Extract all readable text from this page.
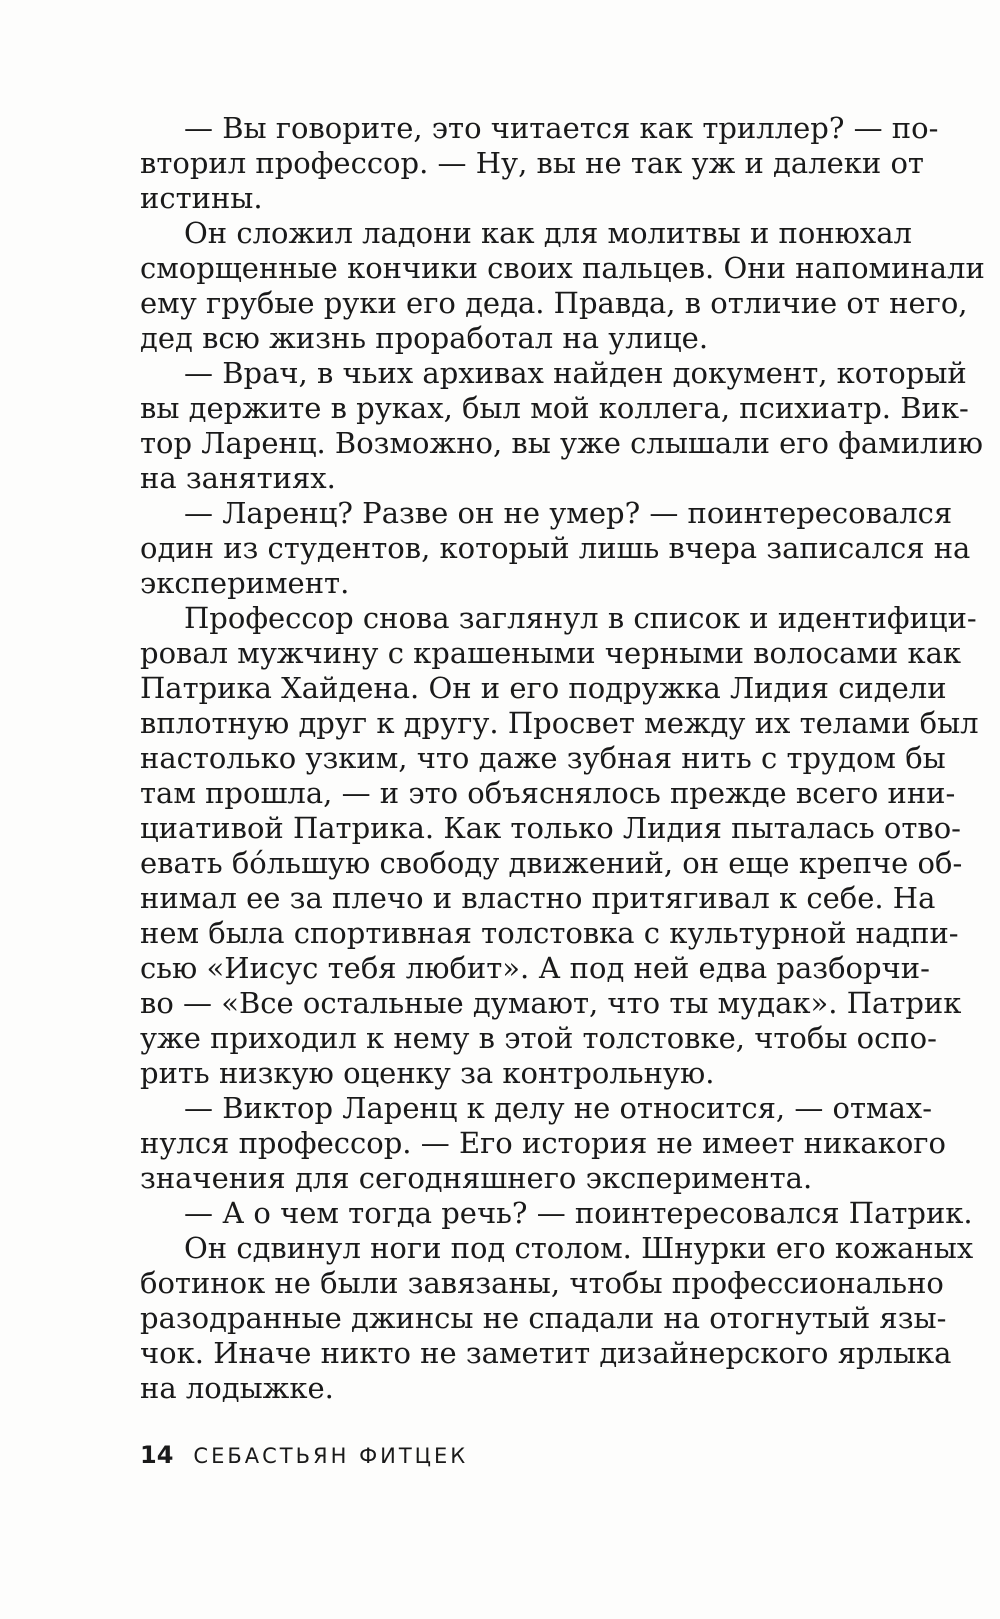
— Вы говорите, это читается как триллер? — по-
вторил профессор. — Ну, вы не так уж и далеки от
истины.
Он сложил ладони как для молитвы и понюхал
сморщенные кончики своих пальцев. Они напоминали
ему грубые руки его деда. Правда, в отличие от него,
дед всю жизнь проработал на улице.
— Врач, в чьих архивах найден документ, который
вы держите в руках, был мой коллега, психиатр. Вик-
тор Ларенц. Возможно, вы уже слышали его фамилию
на занятиях.
— Ларенц? Разве он не умер? — поинтересовался
один из студентов, который лишь вчера записался на
эксперимент.
Профессор снова заглянул в список и идентифици-
ровал мужчину с крашеными черными волосами как
Патрика Хайдена. Он и его подружка Лидия сидели
вплотную друг к другу. Просвет между их телами был
настолько узким, что даже зубная нить с трудом бы
там прошла, — и это объяснялось прежде всего ини-
циативой Патрика. Как только Лидия пыталась отво-
евать бóльшую свободу движений, он еще крепче об-
нимал ее за плечо и властно притягивал к себе. На
нем была спортивная толстовка с культурной надпи-
сью «Иисус тебя любит». А под ней едва разборчи-
во — «Все остальные думают, что ты мудак». Патрик
уже приходил к нему в этой толстовке, чтобы оспо-
рить низкую оценку за контрольную.
— Виктор Ларенц к делу не относится, — отмах-
нулся профессор. — Его история не имеет никакого
значения для сегодняшнего эксперимента.
— А о чем тогда речь? — поинтересовался Патрик.
Он сдвинул ноги под столом. Шнурки его кожаных
ботинок не были завязаны, чтобы профессионально
разодранные джинсы не спадали на отогнутый язы-
чок. Иначе никто не заметит дизайнерского ярлыка
на лодыжке.
14 СЕБАСТЬЯН ФИТЦЕК
